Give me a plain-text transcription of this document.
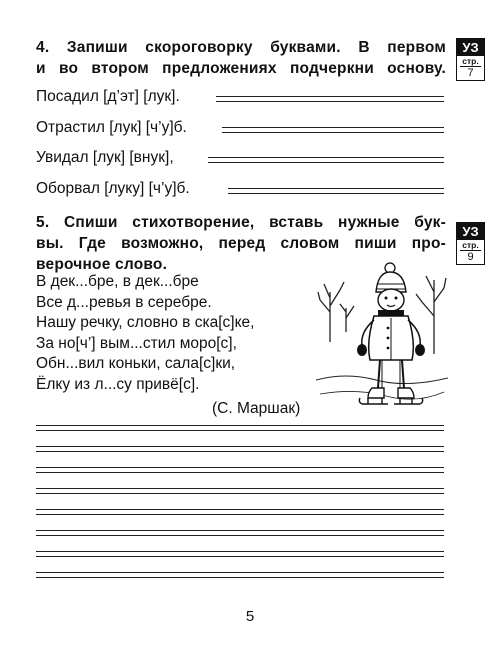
4. Запиши скороговорку буквами. В первом
и во втором предложениях подчеркни основу.
УЗ
стр.
7
Посадил [д’эт] [лук].
Отрастил [лук] [ч’у]б.
Увидал [лук] [внук],
Оборвал [луку] [ч’у]б.
5. Спиши стихотворение, вставь нужные бук-
вы. Где возможно, перед словом пиши про-
верочное слово.
УЗ
стр.
9
В дек...бре, в дек...бре
Все д...ревья в серебре.
Нашу речку, словно в ска[с]ке,
За но[ч’] вым...стил моро[с],
Обн...вил коньки, сала[с]ки,
Ёлку из л...су привё[с].
(С. Маршак)
5
